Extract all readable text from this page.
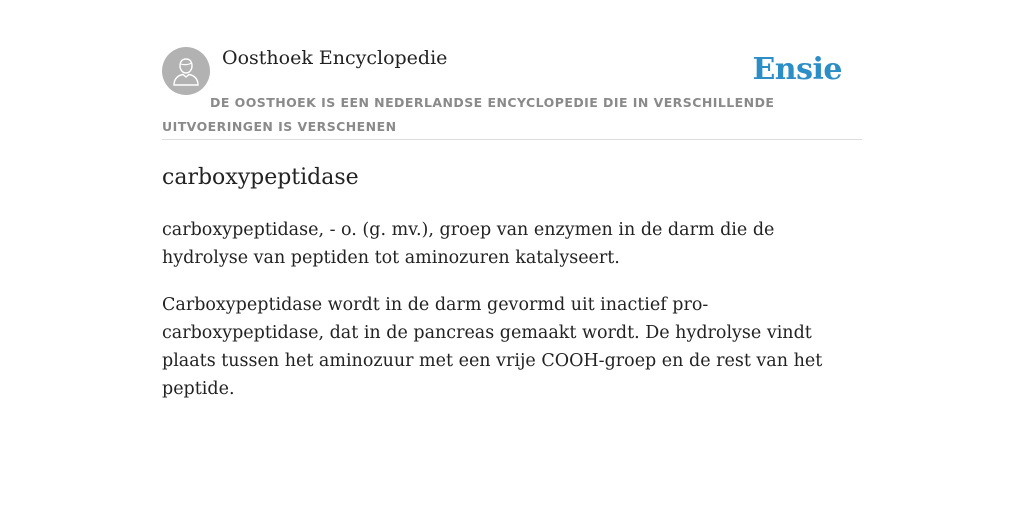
Oosthoek Encyclopedie	Ensie
DE OOSTHOEK IS EEN NEDERLANDSE ENCYCLOPEDIE DIE IN VERSCHILLENDE UITVOERINGEN IS VERSCHENEN
carboxypeptidase

carboxypeptidase, - o. (g. mv.), groep van enzymen in de darm die de hydrolyse van peptiden tot aminozuren katalyseert.

Carboxypeptidase wordt in de darm gevormd uit inactief pro-carboxypeptidase, dat in de pancreas gemaakt wordt. De hydrolyse vindt plaats tussen het aminozuur met een vrije COOH-groep en de rest van het peptide.
